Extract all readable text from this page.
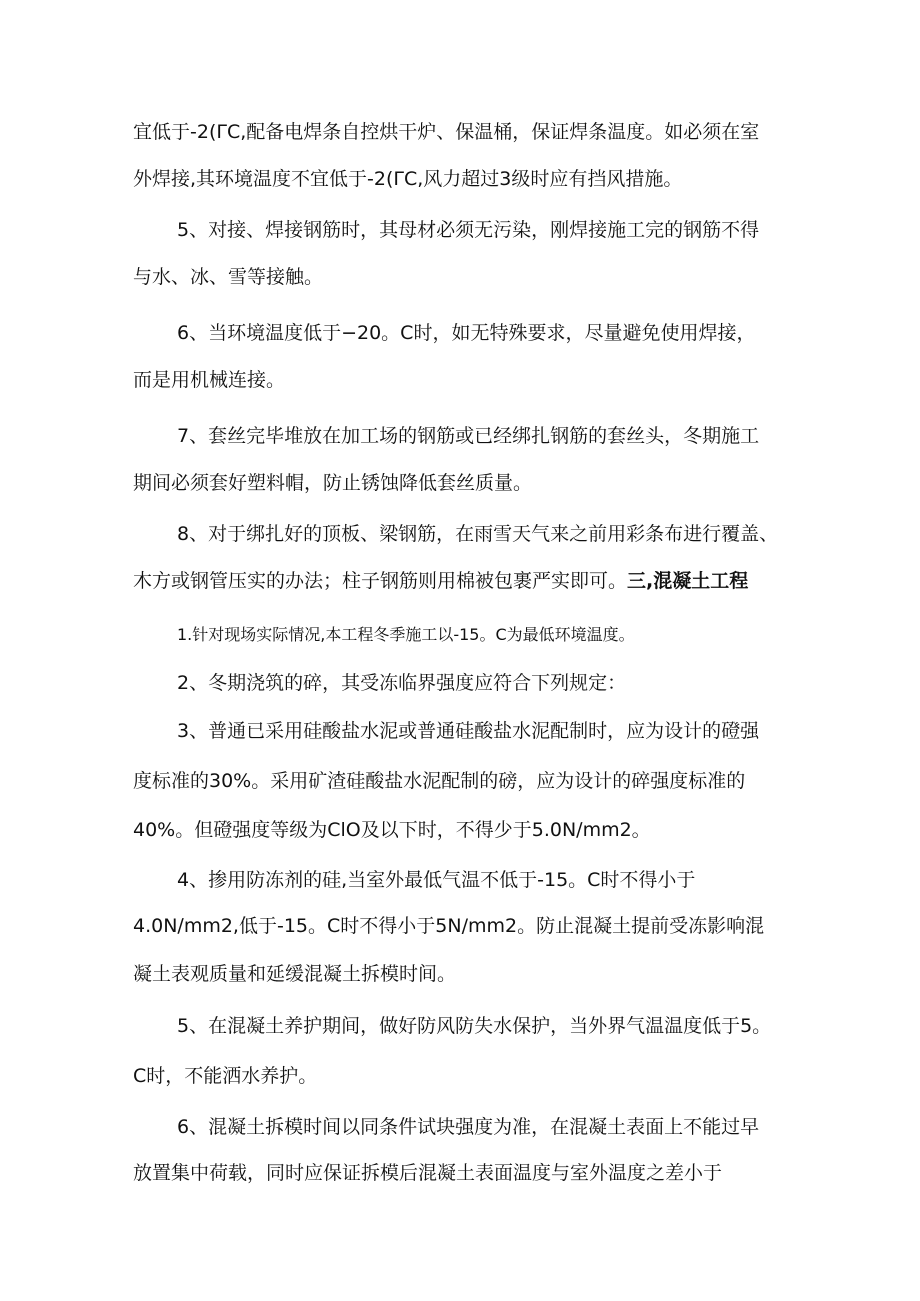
宜低于-2(ΓC,配备电焊条自控烘干炉、保温桶，保证焊条温度。如必须在室
外焊接,其环境温度不宜低于-2(ΓC,风力超过3级时应有挡风措施。
5、对接、焊接钢筋时，其母材必须无污染，刚焊接施工完的钢筋不得
与水、冰、雪等接触。
6、当环境温度低于−20。C时，如无特殊要求，尽量避免使用焊接，
而是用机械连接。
7、套丝完毕堆放在加工场的钢筋或已经绑扎钢筋的套丝头，冬期施工
期间必须套好塑料帽，防止锈蚀降低套丝质量。
8、对于绑扎好的顶板、梁钢筋，在雨雪天气来之前用彩条布进行覆盖、
木方或钢管压实的办法；柱子钢筋则用棉被包裹严实即可。三,混凝土工程
1.针对现场实际情况,本工程冬季施工以-15。C为最低环境温度。
2、冬期浇筑的碎，其受冻临界强度应符合下列规定：
3、普通已采用硅酸盐水泥或普通硅酸盐水泥配制时，应为设计的磴强
度标准的30%。采用矿渣硅酸盐水泥配制的磅，应为设计的碎强度标准的
40%。但磴强度等级为ClO及以下时，不得少于5.0N∕mm2。
4、掺用防冻剂的硅,当室外最低气温不低于-15。C时不得小于
4.0N∕mm2,低于-15。C时不得小于5N/mm2。防止混凝土提前受冻影响混
凝土表观质量和延缓混凝土拆模时间。
5、在混凝土养护期间，做好防风防失水保护，当外界气温温度低于5。
C时，不能洒水养护。
6、混凝土拆模时间以同条件试块强度为准，在混凝土表面上不能过早
放置集中荷载，同时应保证拆模后混凝土表面温度与室外温度之差小于
